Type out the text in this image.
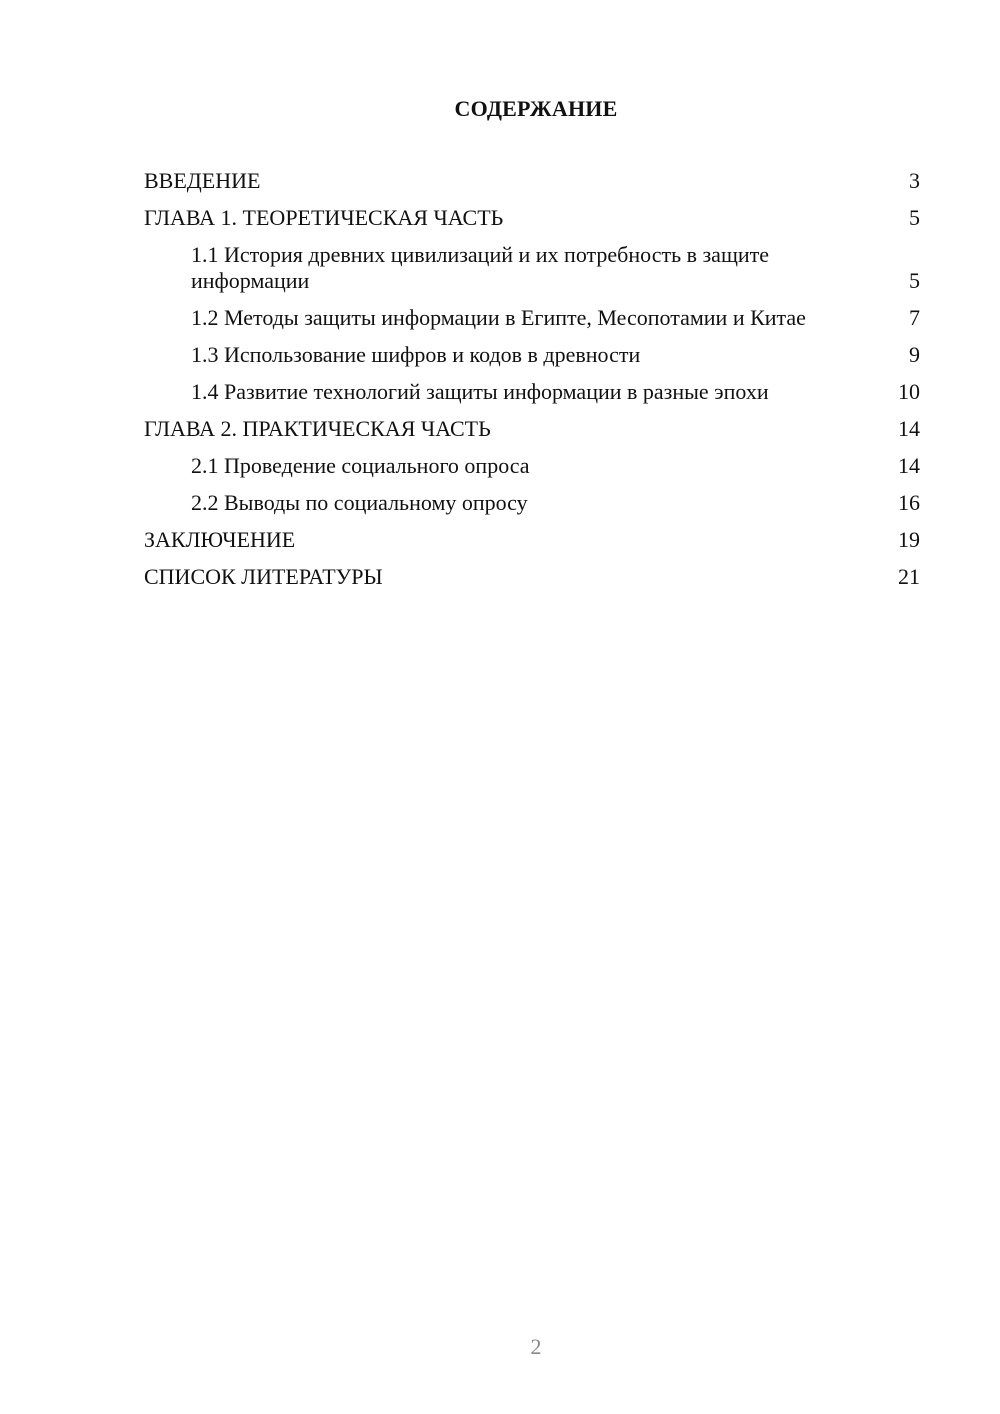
СОДЕРЖАНИЕ
ВВЕДЕНИЕ	3
ГЛАВА 1. ТЕОРЕТИЧЕСКАЯ ЧАСТЬ	5
1.1 История древних цивилизаций и их потребность в защите информации	5
1.2 Методы защиты информации в Египте, Месопотамии и Китае	7
1.3 Использование шифров и кодов в древности	9
1.4 Развитие технологий защиты информации в разные эпохи	10
ГЛАВА 2. ПРАКТИЧЕСКАЯ ЧАСТЬ	14
2.1 Проведение социального опроса	14
2.2 Выводы по социальному опросу	16
ЗАКЛЮЧЕНИЕ	19
СПИСОК ЛИТЕРАТУРЫ	21
2
